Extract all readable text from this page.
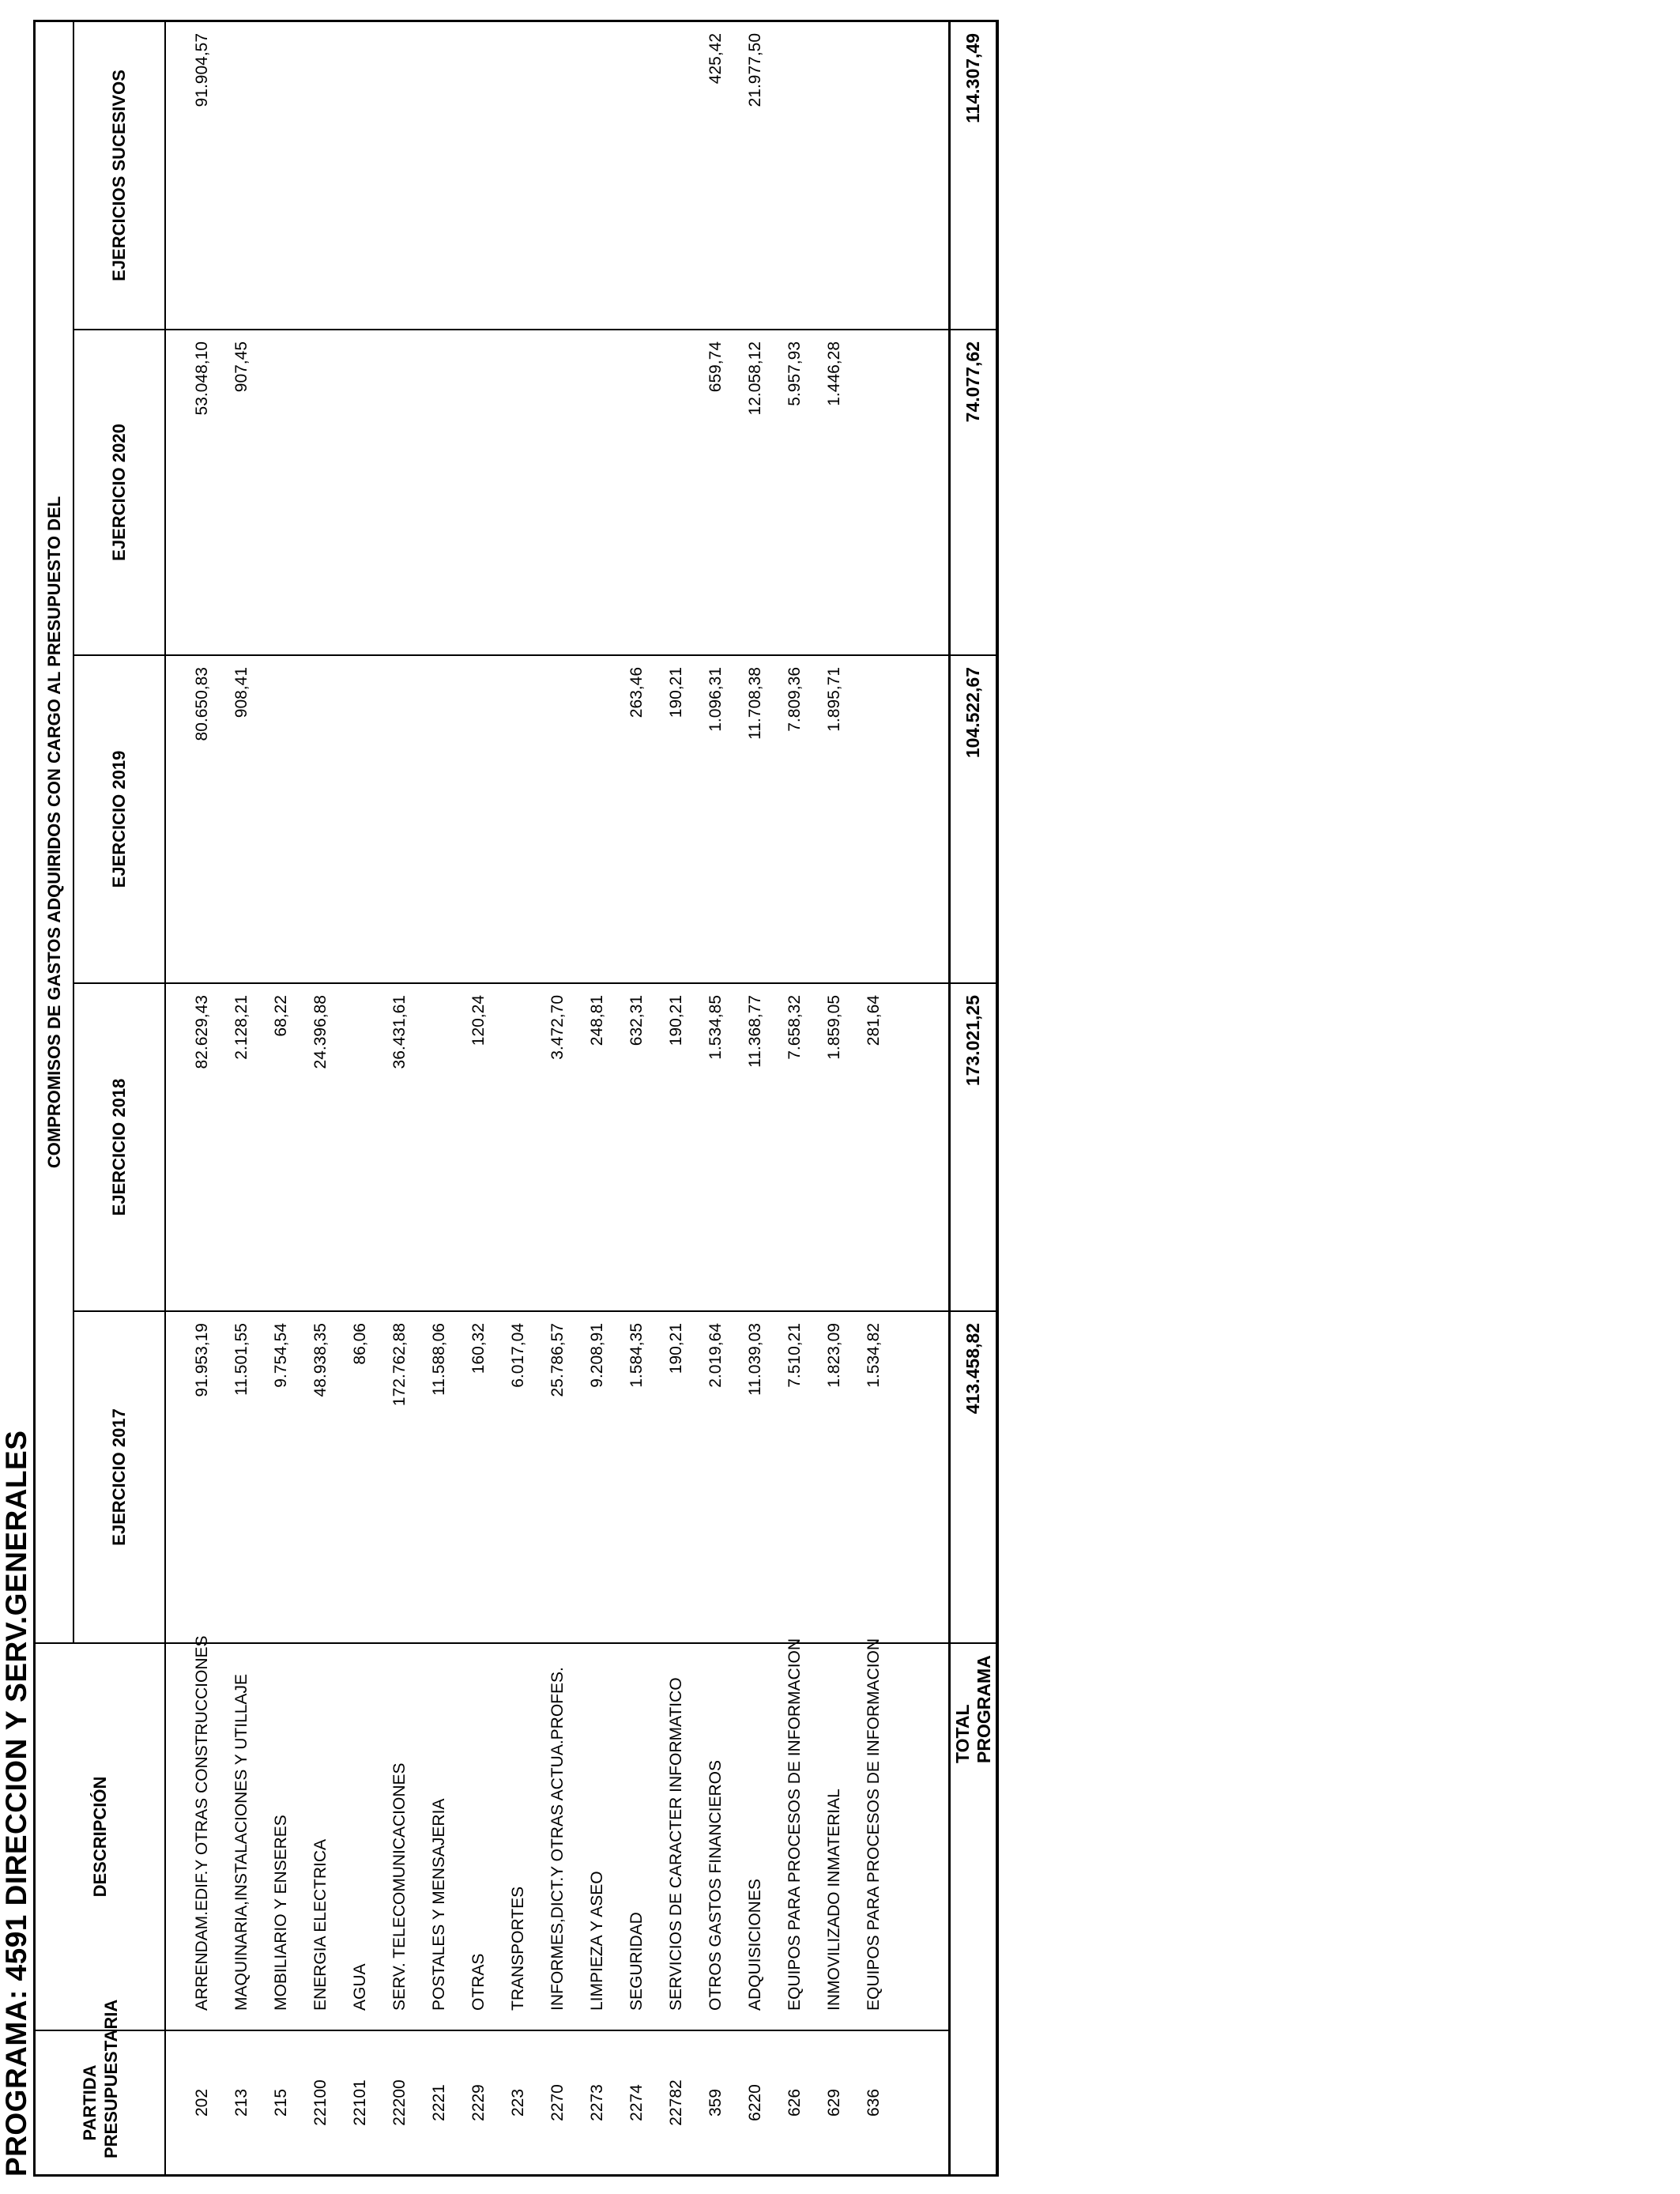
PROGRAMA: 4591 DIRECCION Y SERV.GENERALES	PARTIDA PRESUPUESTARIA	DESCRIPCIÓN	COMPROMISOS DE GASTOS ADQUIRIDOS CON CARGO AL PRESUPUESTO DEL				
		EJERCICIO 2017	EJERCICIO 2018	EJERCICIO 2019	EJERCICIO 2020	EJERCICIOS SUCESIVOS

202	ARRENDAM.EDIF.Y OTRAS CONSTRUCCIONES	91.953,19	82.629,43	80.650,83	53.048,10	91.904,57
213	MAQUINARIA,INSTALACIONES Y UTILLAJE	11.501,55	2.128,21	908,41	907,45	
215	MOBILIARIO Y ENSERES	9.754,54	68,22			
22100	ENERGIA ELECTRICA	48.938,35	24.396,88			
22101	AGUA	86,06				
22200	SERV. TELECOMUNICACIONES	172.762,88	36.431,61			
2221	POSTALES Y MENSAJERIA	11.588,06				
2229	OTRAS	160,32	120,24			
223	TRANSPORTES	6.017,04				
2270	INFORMES,DICT.Y OTRAS ACTUA.PROFES.	25.786,57	3.472,70			
2273	LIMPIEZA Y ASEO	9.208,91	248,81			
2274	SEGURIDAD	1.584,35	632,31	263,46		
22782	SERVICIOS DE CARACTER INFORMATICO	190,21	190,21	190,21		
359	OTROS GASTOS FINANCIEROS	2.019,64	1.534,85	1.096,31	659,74	425,42
6220	ADQUISICIONES	11.039,03	11.368,77	11.708,38	12.058,12	21.977,50
626	EQUIPOS PARA PROCESOS DE INFORMACION	7.510,21	7.658,32	7.809,36	5.957,93	
629	INMOVILIZADO INMATERIAL	1.823,09	1.859,05	1.895,71	1.446,28	
636	EQUIPOS PARA PROCESOS DE INFORMACION	1.534,82	281,64			

TOTAL PROGRAMA	413.458,82	173.021,25	104.522,67	74.077,62	114.307,49
